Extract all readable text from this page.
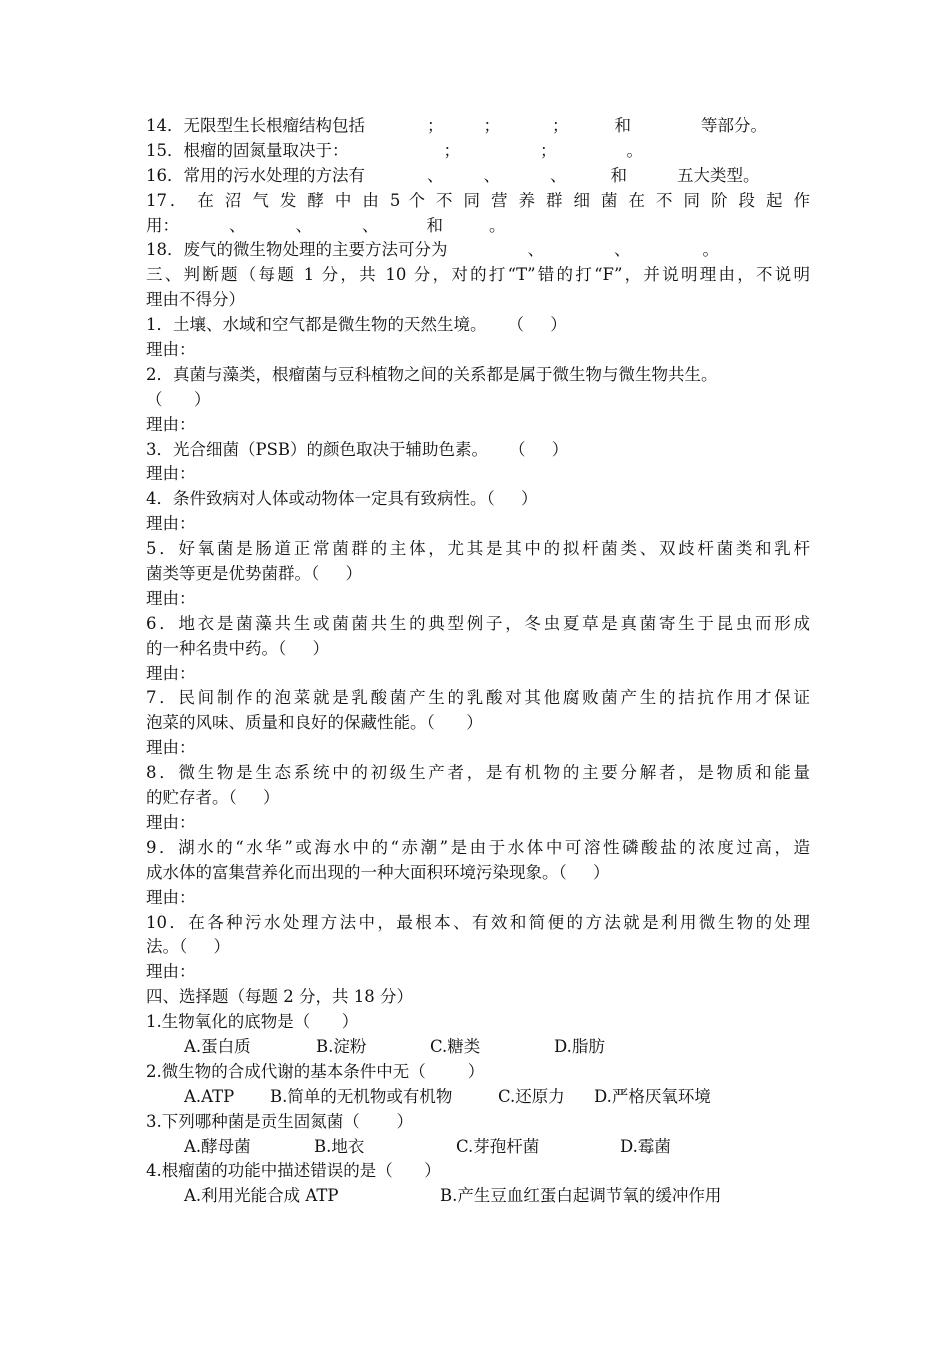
14．无限型生长根瘤结构包括	； ；	；	和	等部分。
15．根瘤的固氮量取决于：	；	；	。
16．常用的污水处理的方法有	、 、	、	和	五大类型。
17． 在 沼 气 发 酵 中 由 5 个 不 同 营 养 群 细 菌 在 不 同 阶 段 起 作
用：	、	、	、	和	。
18．废气的微生物处理的主要方法可分为	、	、	。
三、判断题（每题 1 分，共 10 分，对的打“T”错的打“F”，并说明理由，不说明
理由不得分）
1．土壤、水域和空气都是微生物的天然生境。    （     ）
理由：
2．真菌与藻类，根瘤菌与豆科植物之间的关系都是属于微生物与微生物共生。
（      ）
理由：
3．光合细菌（PSB）的颜色取决于辅助色素。    （     ）
理由：
4．条件致病对人体或动物体一定具有致病性。（     ）
理由：
5．好氧菌是肠道正常菌群的主体，尤其是其中的拟杆菌类、双歧杆菌类和乳杆
菌类等更是优势菌群。（     ）
理由：
6．地衣是菌藻共生或菌菌共生的典型例子，冬虫夏草是真菌寄生于昆虫而形成
的一种名贵中药。（     ）
理由：
7．民间制作的泡菜就是乳酸菌产生的乳酸对其他腐败菌产生的拮抗作用才保证
泡菜的风味、质量和良好的保藏性能。（      ）
理由：
8．微生物是生态系统中的初级生产者，是有机物的主要分解者，是物质和能量
的贮存者。（     ）
理由：
9．湖水的“水华”或海水中的“赤潮”是由于水体中可溶性磷酸盐的浓度过高，造
成水体的富集营养化而出现的一种大面积环境污染现象。（     ）
理由：
10．在各种污水处理方法中，最根本、有效和简便的方法就是利用微生物的处理
法。（     ）
理由：
四、选择题（每题 2 分，共 18 分）
1.生物氧化的底物是（      ）
A.蛋白质	B.淀粉	C.糖类	D.脂肪
2.微生物的合成代谢的基本条件中无（        ）
A.ATP B.简单的无机物或有机物	C.还原力 D.严格厌氧环境
3.下列哪种菌是贡生固氮菌（       ）
A.酵母菌	B.地衣	C.芽孢杆菌	D.霉菌
4.根瘤菌的功能中描述错误的是（      ）
A.利用光能合成 ATP	B.产生豆血红蛋白起调节氧的缓冲作用
